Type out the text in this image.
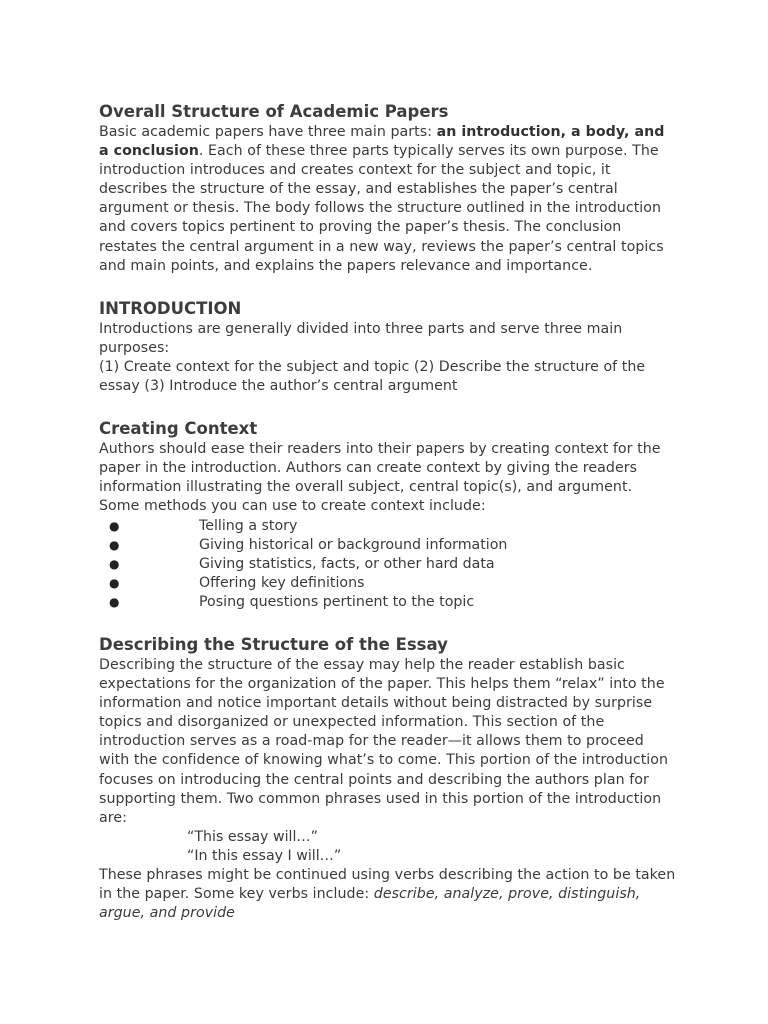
Overall Structure of Academic Papers

Basic academic papers have three main parts: an introduction, a body, and a conclusion. Each of these three parts typically serves its own purpose. The introduction introduces and creates context for the subject and topic, it describes the structure of the essay, and establishes the paper’s central argument or thesis. The body follows the structure outlined in the introduction and covers topics pertinent to proving the paper’s thesis. The conclusion restates the central argument in a new way, reviews the paper’s central topics and main points, and explains the papers relevance and importance.

INTRODUCTION

Introductions are generally divided into three parts and serve three main purposes:

(1) Create context for the subject and topic (2) Describe the structure of the essay (3) Introduce the author’s central argument

Creating Context

Authors should ease their readers into their papers by creating context for the paper in the introduction. Authors can create context by giving the readers information illustrating the overall subject, central topic(s), and argument. Some methods you can use to create context include:

●	Telling a story
●	Giving historical or background information
●	Giving statistics, facts, or other hard data
●	Offering key definitions
●	Posing questions pertinent to the topic
Describing the Structure of the Essay

Describing the structure of the essay may help the reader establish basic expectations for the organization of the paper. This helps them “relax” into the information and notice important details without being distracted by surprise topics and disorganized or unexpected information. This section of the introduction serves as a road-map for the reader—it allows them to proceed with the confidence of knowing what’s to come. This portion of the introduction focuses on introducing the central points and describing the authors plan for supporting them. Two common phrases used in this portion of the introduction are:

“This essay will…”
“In this essay I will…”

These phrases might be continued using verbs describing the action to be taken in the paper. Some key verbs include: describe, analyze, prove, distinguish, argue, and provide
